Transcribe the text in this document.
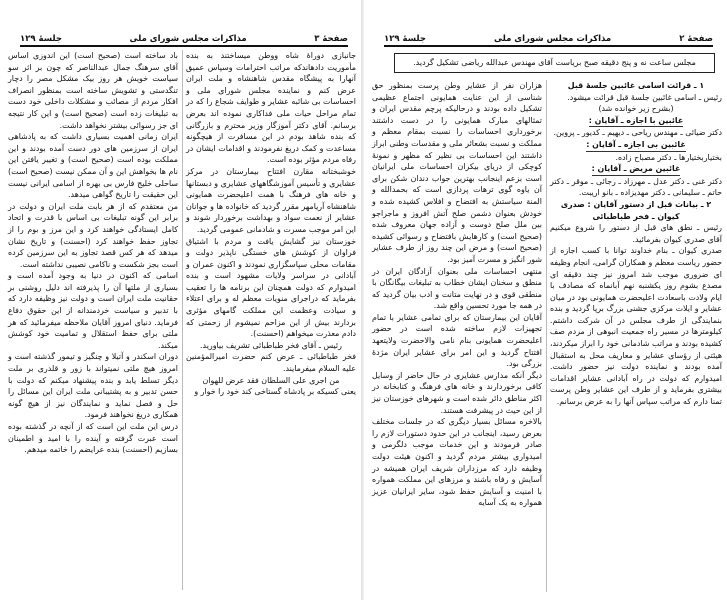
صفحهٔ ۳
مذاکرات مجلس شورای ملی
جلسهٔ ۱۲۹

جانبازی دوراهٔ شاه ووطن میساختند به بنده مأموریت دادهاندکه مراتب احترامات وسپاس عمیق آنهارا به پیشگاه مقدس شاهنشاه و ملت ایران عرض کنم و نماینده مجلس شورای ملی و احساسات بی شائبه عشایر و طوایف شجاع را که در تمام مراحل حیات ملی فداکاری نموده اند بعرض برسانم. آقای دکتر آموزگار وزیر محترم و بازرگانی که بنده شاهد بودم در این مسافرت از هیچگونه مساعدت و کمک دریغ نفرمودند و اقدامات ایشان در رفاه مردم مؤثر بوده است.

خوشبختانه مقارن افتتاح بیمارستان در مرکز عشایری و تأسیس آموزشگاههای عشایری و دبستانها و خانه های فرهنگ با همت اعلیحضرت همایونی شاهنشاه آریامهر مقرر گردید که خانواده ها و جوانان عشایر از نعمت سواد و بهداشت برخوردار شوند و این امر موجب مسرت و شادمانی عمومی گردید.

خوزستان نیز گشایش یافت و مردم با اشتیاق فراوان از کوشش های خستگی ناپذیر دولت و مقامات محلی سپاسگزاری نمودند و اکنون عمران و آبادانی در سراسر ولایات مشهود است و بنده امیدوارم که دولت همچنان این برنامه ها را تعقیب بفرماید که دراجرای منویات معظم له و برای اعتلاء و سیادت وعظمت این مملکت گامهای مؤثری بردارند بیش از این مزاحم نمیشوم از زحمتی که دادم معذرت میخواهم (احسنت).

رئیس ـ آقای فخر طباطبائی تشریف بیاورید.

فخر طباطبائی ـ عرض کنم حضرت امیرالمؤمنین علیه السلام میفرمایند.

من اجری علی السلطان فقد عرض للهوان

یعنی کسیکه بر پادشاه گستاخی کند خود را خوار و

باد ساخته است (صحیح است) این اندوزی اساس آقای سرهنگ جمال عبدالناصر که چون بر اثر سو سیاست خویش هر روز بیک مشکل مصر را دچار تنگدستی و تشویش ساخته است بمنظور انصراف افکار مردم از مصائب و مشکلات داخلی خود دست به تبلیغات زده است (صحیح است) و این کار نتیجه ای جز رسوائی بیشتر نخواهد داشت.

ایران زمانی اهمیت بسیاری داشت که به پادشاهی ایران از سرزمین های دور دست آمده بودند و این مملکت بوده است (صحیح است) و تغییر یافتن این نام ها بخواهش این و آن ممکن نیست (صحیح است) ساحلی خلیج فارس بی بهره از اسامی ایرانی نیست این حقیقت را تاریخ گواهی میدهد.

من معتقدم که از هر بابت ملت ایران و دولت در برابر این گونه تبلیغات بی اساس با قدرت و اتحاد کامل ایستادگی خواهند کرد و این مرز و بوم را از تجاوز حفظ خواهند کرد (احسنت) و تاریخ نشان میدهد که هر کس قصد تجاوز به این سرزمین کرده است بجز شکست و ناکامی نصیبی نداشته است.

اسامی که اکنون در دنیا به وجود آمده است و بسیاری از ملتها آن را پذیرفته اند دلیل روشنی بر حقانیت ملت ایران است و دولت نیز وظیفه دارد که با تدبیر و سیاست خردمندانه از این حقوق دفاع فرماید. دنیای امروز آقایان ملاحظه میفرمائید که هر ملتی برای حفظ استقلال و تمامیت خود کوشش میکند.

دوران اسکندر و آتیلا و چنگیز و تیمور گذشته است و امروز هیچ ملتی نمیتواند با زور و قلدری بر ملت دیگر تسلط یابد و بنده پیشنهاد میکنم که دولت با حسن تدبیر و به پشتیبانی ملت ایران این مسائل را حل و فصل نماید و نمایندگان نیز از هیچ گونه همکاری دریغ نخواهند فرمود.

درس این ملت این است که از آنچه در گذشته بوده است عبرت گرفته و آینده را با امید و اطمینان بسازیم (احسنت) بنده عرایضم را خاتمه میدهم.

صفحهٔ ۲
مذاکرات مجلس شورای ملی
جلسهٔ ۱۲۹
مجلس ساعت نه و پنج دقیقه صبح بریاست آقای مهندس عبدالله ریاضی تشکیل گردید.

۱ ـ قرائت اسامی غائبین جلسهٔ قبل

رئیس ـ اسامی غائبین جلسهٔ قبل قرائت میشود.

(بشرح زیر خوانده شد)

غائبین با اجازه ـ آقایان :

دکتر ضیائی ـ مهندس ریاحی ـ دیهیم ـ کدیور ـ پروین.

غائبین بی اجازه ـ آقایان :

بختیاربختیارها ـ دکتر مصباح زاده.

غائبین مریض ـ آقایان :

دکتر غنی ـ دکتر عدل ـ مهرزاد ـ رجائی ـ موقر ـ دکتر حاتم ـ سلیمانی ـ دکتر مهدیزاده ـ بانو اریبت.

۲ ـ بیانات قبل از دستور آقایان : صدری کیوان ـ فخر طباطبائی

رئیس ـ نطق های قبل از دستور را شروع میکنیم آقای صدری کیوان بفرمائید.

صدری کیوان ـ بنام خداوند توانا با کسب اجازه از حضور ریاست معظم و همکاران گرامی، انجام وظیفه ای ضروری موجب شد امروز نیز چند دقیقه ای مصدع بشوم روز یکشنبه نهم آبانماه که مصادف با ایام ولادت باسعادت اعلیحضرت همایونی بود در میان عشایر و ایلات مرکزی جشنی بزرگ برپا گردید و بنده بنمایندگی از طرف مجلس در آن شرکت داشتم. کیلومترها در مسیر راه جمعیت انبوهی از مردم صف کشیده بودند و مراتب شادمانی خود را ابراز میکردند، هیئتی از رؤسای عشایر و معاریف محل به استقبال آمده بودند و نماینده دولت نیز حضور داشت. امیدوارم که دولت در راه آبادانی عشایر اقدامات بیشتری بفرماید و از طرف این عشایر وطن پرست تمنا دارم که مراتب سپاس آنها را به عرض برسانم.

هزاران نفر از عشایر وطن پرست بمنظور حق شناسی از این عنایت همایونی اجتماع عظیمی تشکیل داده بودند و درحالیکه پرچم مقدس ایران و تمثالهای مبارک همایونی را در دست داشتند برخورداری احساسات را نسبت بمقام معظم و مملکت و نسبت بشعائر ملی و مقدسات وطنی ابراز داشتند این احساسات بی نظیر که مظهر و نمونهٔ کوچکی از دریای بیکران احساسات ملی ایرانیان است بزعم اینجانب بهترین جواب دندان شکن برای آن یاوه گوی ترهات پردازی است که بحمدالله و المنة سیاستش به افتضاح و افلاس کشیده شده و خودش بعنوان دشمن صلح آتش افروز و ماجراجو بین ملل صلح دوست و آزاده جهان معروف شده (صحیح است) و کارهایش بافتضاح و رسوائی کشیده (صحیح است) و مرض این چند روز از طرف عشایر شور انگیز و مسرت آمیز بود.

منتهی احساسات ملی بعنوان آزادگان ایران در منطق و سخنان ایشان خطاب به تبلیغات بیگانگان با منطقی قوی و در نهایت متانت و ادب بیان گردید که در همه جا مورد تحسین واقع شد.

آقایان این بیمارستان که برای تمامی عشایر با تمام تجهیزات لازم ساخته شده است در حضور اعلیحضرت همایونی بنام نامی والاحضرت ولایتعهد افتتاح گردید و این امر برای عشایر ایران مژدهٔ بزرگی بود.

دیگر آنکه مدارس عشایری در حال حاضر از وسایل کافی برخوردارند و خانه های فرهنگ و کتابخانه در اکثر مناطق دائر شده است و شهرهای خوزستان نیز از این حیث در پیشرفت هستند.

بالاخره مسائل بسیار دیگری که در جلسات مختلف بعرض رسید، اینجانب در این حدود دستورات لازم را صادر فرمودند و این خدمات موجب دلگرمی و امیدواری بیشتر مردم گردید و اکنون هیئت دولت وظیفه دارد که مرزداران شریف ایران همیشه در آسایش و رفاه باشند و مرزهای این مملکت همواره با امنیت و آسایش حفظ شود، سایر ایرانیان عزیز همواره به یک آسایه
